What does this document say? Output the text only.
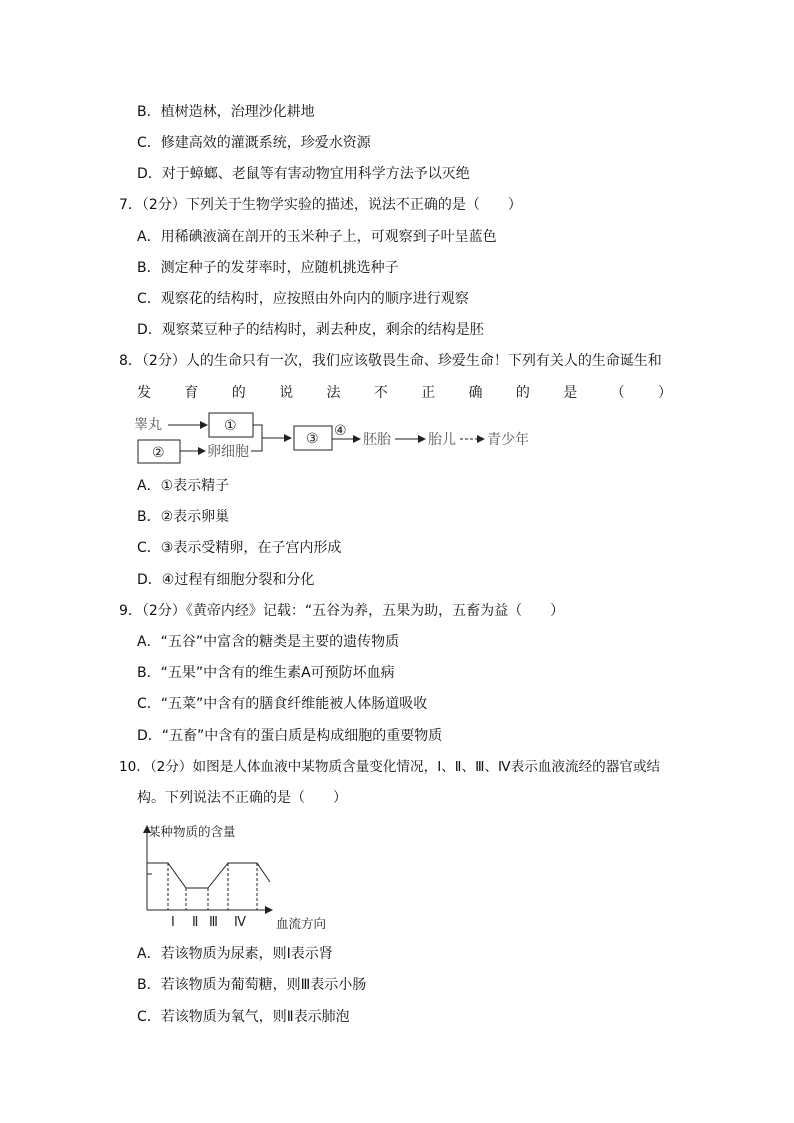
B．植树造林，治理沙化耕地
C．修建高效的灌溉系统，珍爱水资源
D．对于蟑螂、老鼠等有害动物宜用科学方法予以灭绝
7．（2分）下列关于生物学实验的描述，说法不正确的是（　　）
A．用稀碘液滴在剖开的玉米种子上，可观察到子叶呈蓝色
B．测定种子的发芽率时，应随机挑选种子
C．观察花的结构时，应按照由外向内的顺序进行观察
D．观察菜豆种子的结构时，剥去种皮，剩余的结构是胚
8．（2分）人的生命只有一次，我们应该敬畏生命、珍爱生命！下列有关人的生命诞生和
发 育 的 说 法 不 正 确 的 是 （ ）
睾丸	①
②	卵细胞
③ ④
胚胎	胎儿 青少年
A．①表示精子
B．②表示卵巢
C．③表示受精卵，在子宫内形成
D．④过程有细胞分裂和分化
9．（2分）《黄帝内经》记载：“五谷为养，五果为助，五畜为益（　　）
A．“五谷”中富含的糖类是主要的遗传物质
B．“五果”中含有的维生素A可预防坏血病
C．“五菜”中含有的膳食纤维能被人体肠道吸收
D．“五畜”中含有的蛋白质是构成细胞的重要物质
10．（2分）如图是人体血液中某物质含量变化情况，Ⅰ、Ⅱ、Ⅲ、Ⅳ表示血液流经的器官或结
构。下列说法不正确的是（　　）
某种物质的含量
Ⅰ Ⅱ Ⅲ Ⅳ 血流方向
A．若该物质为尿素，则Ⅰ表示肾
B．若该物质为葡萄糖，则Ⅲ表示小肠
C．若该物质为氧气，则Ⅱ表示肺泡
